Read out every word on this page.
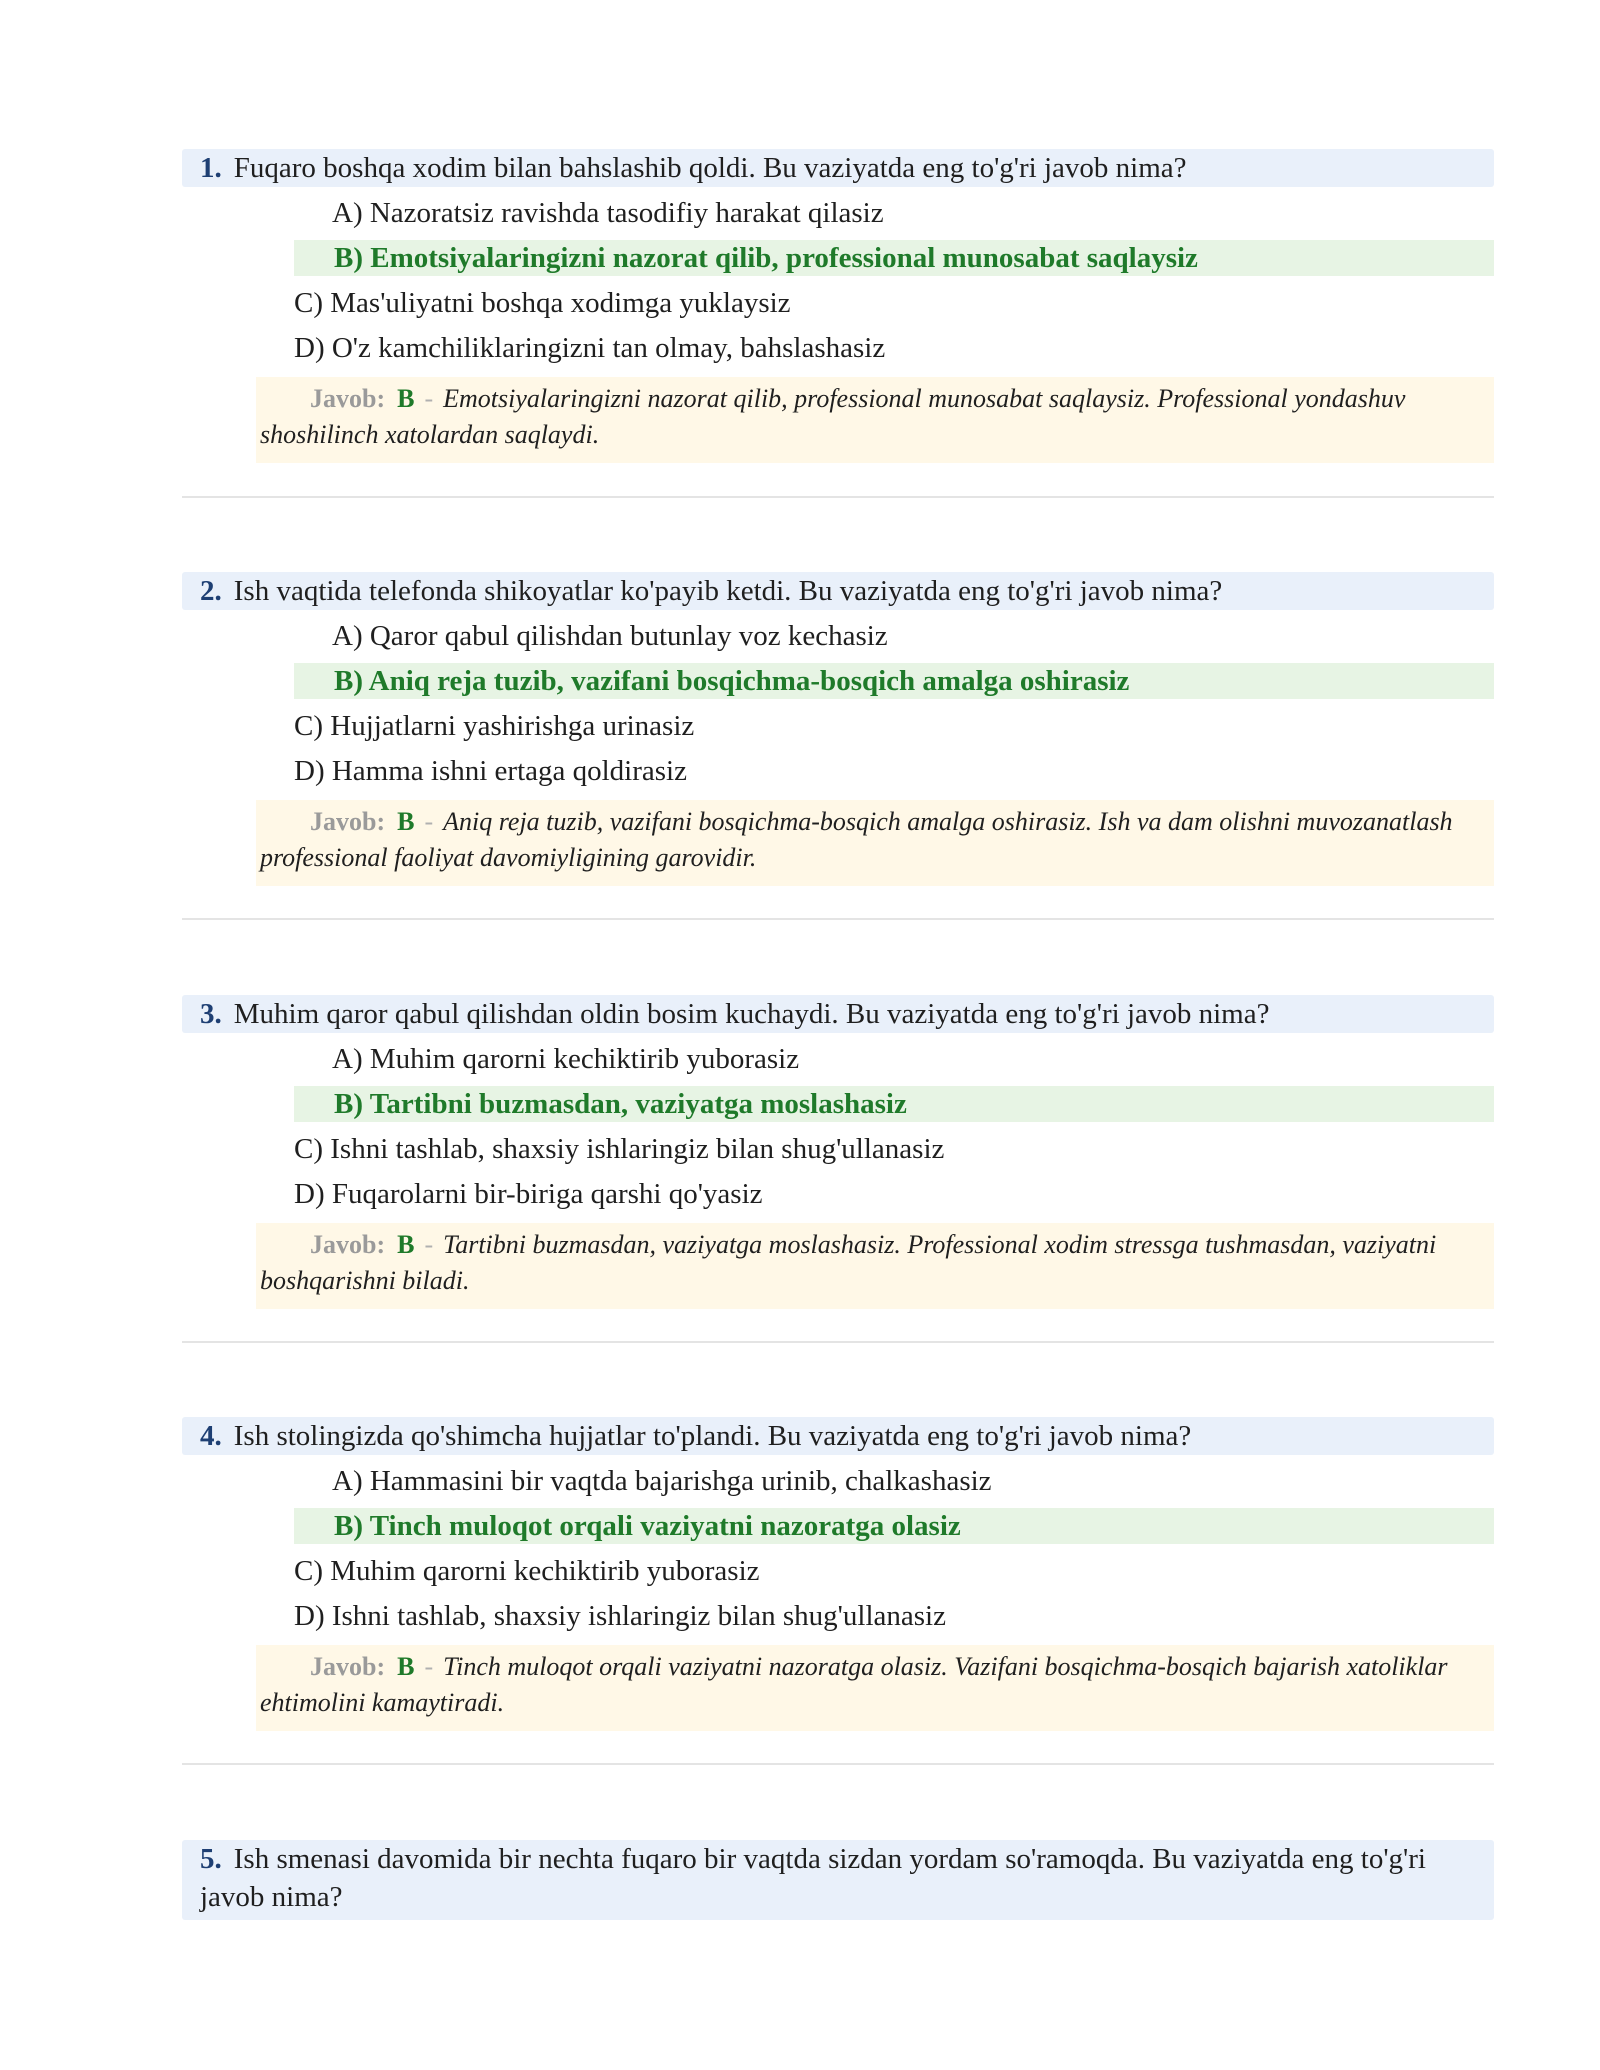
1. Fuqaro boshqa xodim bilan bahslashib qoldi. Bu vaziyatda eng to'g'ri javob nima?
A) Nazoratsiz ravishda tasodifiy harakat qilasiz
B) Emotsiyalaringizni nazorat qilib, professional munosabat saqlaysiz
C) Mas'uliyatni boshqa xodimga yuklaysiz
D) O'z kamchiliklaringizni tan olmay, bahslashasiz
Javob: B - Emotsiyalaringizni nazorat qilib, professional munosabat saqlaysiz. Professional yondashuv shoshilinch xatolardan saqlaydi.
2. Ish vaqtida telefonda shikoyatlar ko'payib ketdi. Bu vaziyatda eng to'g'ri javob nima?
A) Qaror qabul qilishdan butunlay voz kechasiz
B) Aniq reja tuzib, vazifani bosqichma-bosqich amalga oshirasiz
C) Hujjatlarni yashirishga urinasiz
D) Hamma ishni ertaga qoldirasiz
Javob: B - Aniq reja tuzib, vazifani bosqichma-bosqich amalga oshirasiz. Ish va dam olishni muvozanatlash professional faoliyat davomiyligining garovidir.
3. Muhim qaror qabul qilishdan oldin bosim kuchaydi. Bu vaziyatda eng to'g'ri javob nima?
A) Muhim qarorni kechiktirib yuborasiz
B) Tartibni buzmasdan, vaziyatga moslashasiz
C) Ishni tashlab, shaxsiy ishlaringiz bilan shug'ullanasiz
D) Fuqarolarni bir-biriga qarshi qo'yasiz
Javob: B - Tartibni buzmasdan, vaziyatga moslashasiz. Professional xodim stressga tushmasdan, vaziyatni boshqarishni biladi.
4. Ish stolingizda qo'shimcha hujjatlar to'plandi. Bu vaziyatda eng to'g'ri javob nima?
A) Hammasini bir vaqtda bajarishga urinib, chalkashasiz
B) Tinch muloqot orqali vaziyatni nazoratga olasiz
C) Muhim qarorni kechiktirib yuborasiz
D) Ishni tashlab, shaxsiy ishlaringiz bilan shug'ullanasiz
Javob: B - Tinch muloqot orqali vaziyatni nazoratga olasiz. Vazifani bosqichma-bosqich bajarish xatoliklar ehtimolini kamaytiradi.
5. Ish smenasi davomida bir nechta fuqaro bir vaqtda sizdan yordam so'ramoqda. Bu vaziyatda eng to'g'ri javob nima?
